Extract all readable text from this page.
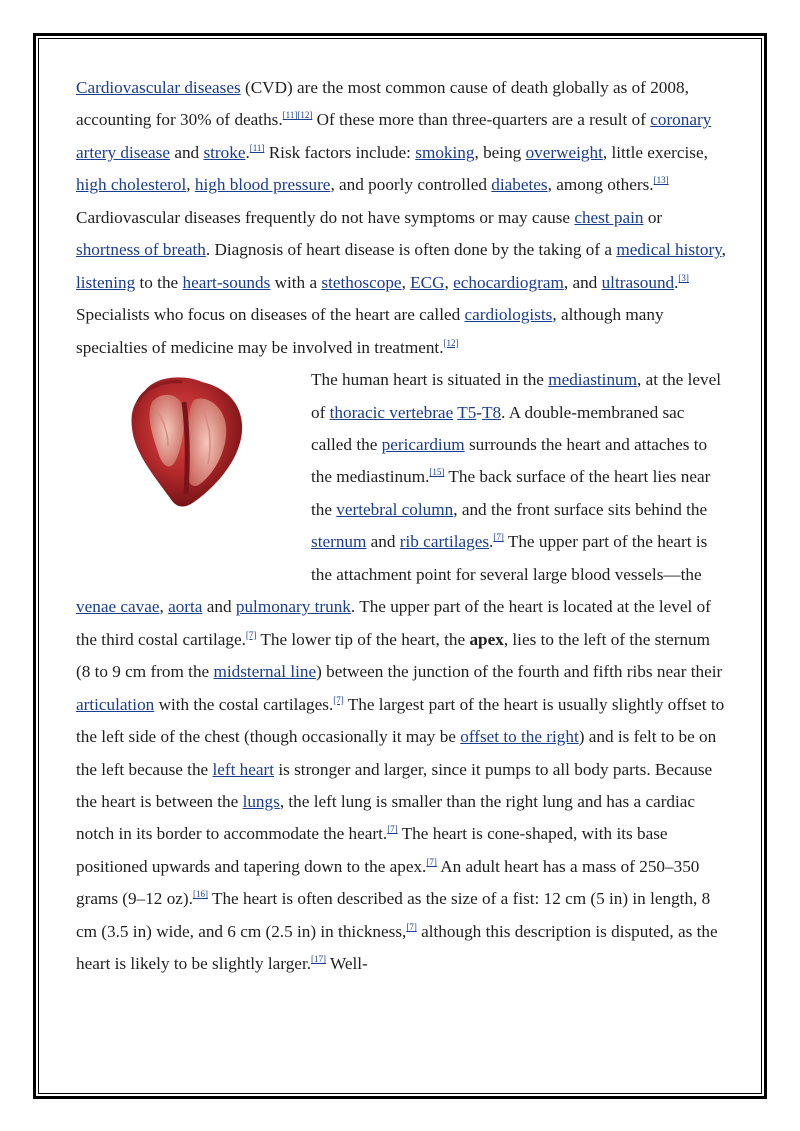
Cardiovascular diseases (CVD) are the most common cause of death globally as of 2008, accounting for 30% of deaths.[11][12] Of these more than three-quarters are a result of coronary artery disease and stroke.[11] Risk factors include: smoking, being overweight, little exercise, high cholesterol, high blood pressure, and poorly controlled diabetes, among others.[13] Cardiovascular diseases frequently do not have symptoms or may cause chest pain or shortness of breath. Diagnosis of heart disease is often done by the taking of a medical history, listening to the heart-sounds with a stethoscope, ECG, echocardiogram, and ultrasound.[3] Specialists who focus on diseases of the heart are called cardiologists, although many specialties of medicine may be involved in treatment.[12]

The human heart is situated in the mediastinum, at the level of thoracic vertebrae T5-T8. A double-membraned sac called the pericardium surrounds the heart and attaches to the mediastinum.[15] The back surface of the heart lies near the vertebral column, and the front surface sits behind the sternum and rib cartilages.[7] The upper part of the heart is the attachment point for several large blood vessels—the venae cavae, aorta and pulmonary trunk. The upper part of the heart is located at the level of the third costal cartilage.[7] The lower tip of the heart, the apex, lies to the left of the sternum (8 to 9 cm from the midsternal line) between the junction of the fourth and fifth ribs near their articulation with the costal cartilages.[7] The largest part of the heart is usually slightly offset to the left side of the chest (though occasionally it may be offset to the right) and is felt to be on the left because the left heart is stronger and larger, since it pumps to all body parts. Because the heart is between the lungs, the left lung is smaller than the right lung and has a cardiac notch in its border to accommodate the heart.[7] The heart is cone-shaped, with its base positioned upwards and tapering down to the apex.[7] An adult heart has a mass of 250–350 grams (9–12 oz).[16] The heart is often described as the size of a fist: 12 cm (5 in) in length, 8 cm (3.5 in) wide, and 6 cm (2.5 in) in thickness,[7] although this description is disputed, as the heart is likely to be slightly larger.[17] Well-
